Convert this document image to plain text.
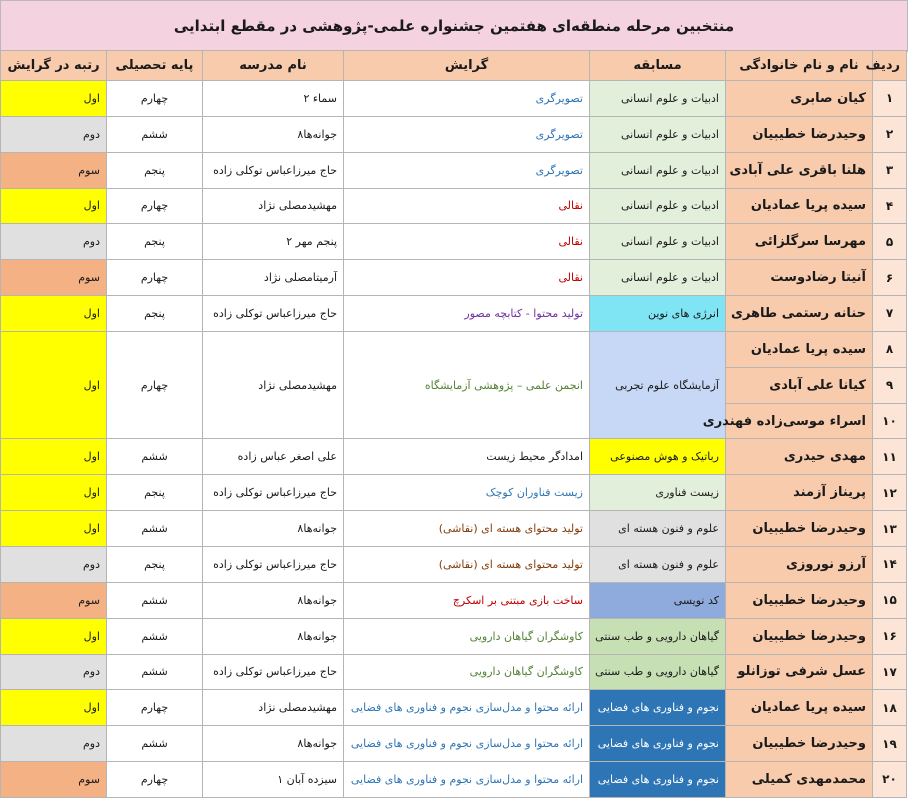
منتخبین مرحله منطقه‌ای هفتمین جشنواره علمی-پژوهشی در مقطع ابتدایی
ردیف	نام و نام خانوادگی	مسابقه	گرایش	نام مدرسه	پایه تحصیلی	رتبه در گرایش
۱	کیان صابری	ادبیات و علوم انسانی	تصویرگری	سماء ۲	چهارم	اول
۲	وحیدرضا خطیبیان	ادبیات و علوم انسانی	تصویرگری	جوانه‌ها۸	ششم	دوم
۳	هلنا باقری علی آبادی	ادبیات و علوم انسانی	تصویرگری	حاج میرزاعباس توکلی زاده	پنجم	سوم
۴	سیده پریا عمادیان	ادبیات و علوم انسانی	نقالی	مهشیدمصلی نژاد	چهارم	اول
۵	مهرسا سرگلزائی	ادبیات و علوم انسانی	نقالی	پنجم مهر ۲	پنجم	دوم
۶	آنیتا رضادوست	ادبیات و علوم انسانی	نقالی	آرمیتامصلی نژاد	چهارم	سوم
۷	حنانه رستمی طاهری	انرژی های نوین	تولید محتوا - کتابچه مصور	حاج میرزاعباس توکلی زاده	پنجم	اول
۸	سیده پریا عمادیان	آزمایشگاه علوم تجربی	انجمن علمی – پژوهشی آزمایشگاه	مهشیدمصلی نژاد	چهارم	اول
۹	کیانا علی آبادی					
۱۰	اسراء موسی‌زاده فهندری					
۱۱	مهدی حیدری	رباتیک و هوش مصنوعی	امدادگر محیط زیست	علی اصغر عباس زاده	ششم	اول
۱۲	پریناز آزمند	زیست فناوری	زیست فناوران کوچک	حاج میرزاعباس توکلی زاده	پنجم	اول
۱۳	وحیدرضا خطیبیان	علوم و فنون هسته ای	تولید محتوای هسته ای (نقاشی)	جوانه‌ها۸	ششم	اول
۱۴	آرزو نوروزی	علوم و فنون هسته ای	تولید محتوای هسته ای (نقاشی)	حاج میرزاعباس توکلی زاده	پنجم	دوم
۱۵	وحیدرضا خطیبیان	کد نویسی	ساخت بازی مبتنی بر اسکرچ	جوانه‌ها۸	ششم	سوم
۱۶	وحیدرضا خطیبیان	گیاهان دارویی و طب سنتی	کاوشگران گیاهان دارویی	جوانه‌ها۸	ششم	اول
۱۷	عسل شرفی توزانلو	گیاهان دارویی و طب سنتی	کاوشگران گیاهان دارویی	حاج میرزاعباس توکلی زاده	ششم	دوم
۱۸	سیده پریا عمادیان	نجوم و فناوری های فضایی	ارائه محتوا و مدل‌سازی نجوم و فناوری های فضایی	مهشیدمصلی نژاد	چهارم	اول
۱۹	وحیدرضا خطیبیان	نجوم و فناوری های فضایی	ارائه محتوا و مدل‌سازی نجوم و فناوری های فضایی	جوانه‌ها۸	ششم	دوم
۲۰	محمدمهدی کمیلی	نجوم و فناوری های فضایی	ارائه محتوا و مدل‌سازی نجوم و فناوری های فضایی	سیزده آبان ۱	چهارم	سوم
